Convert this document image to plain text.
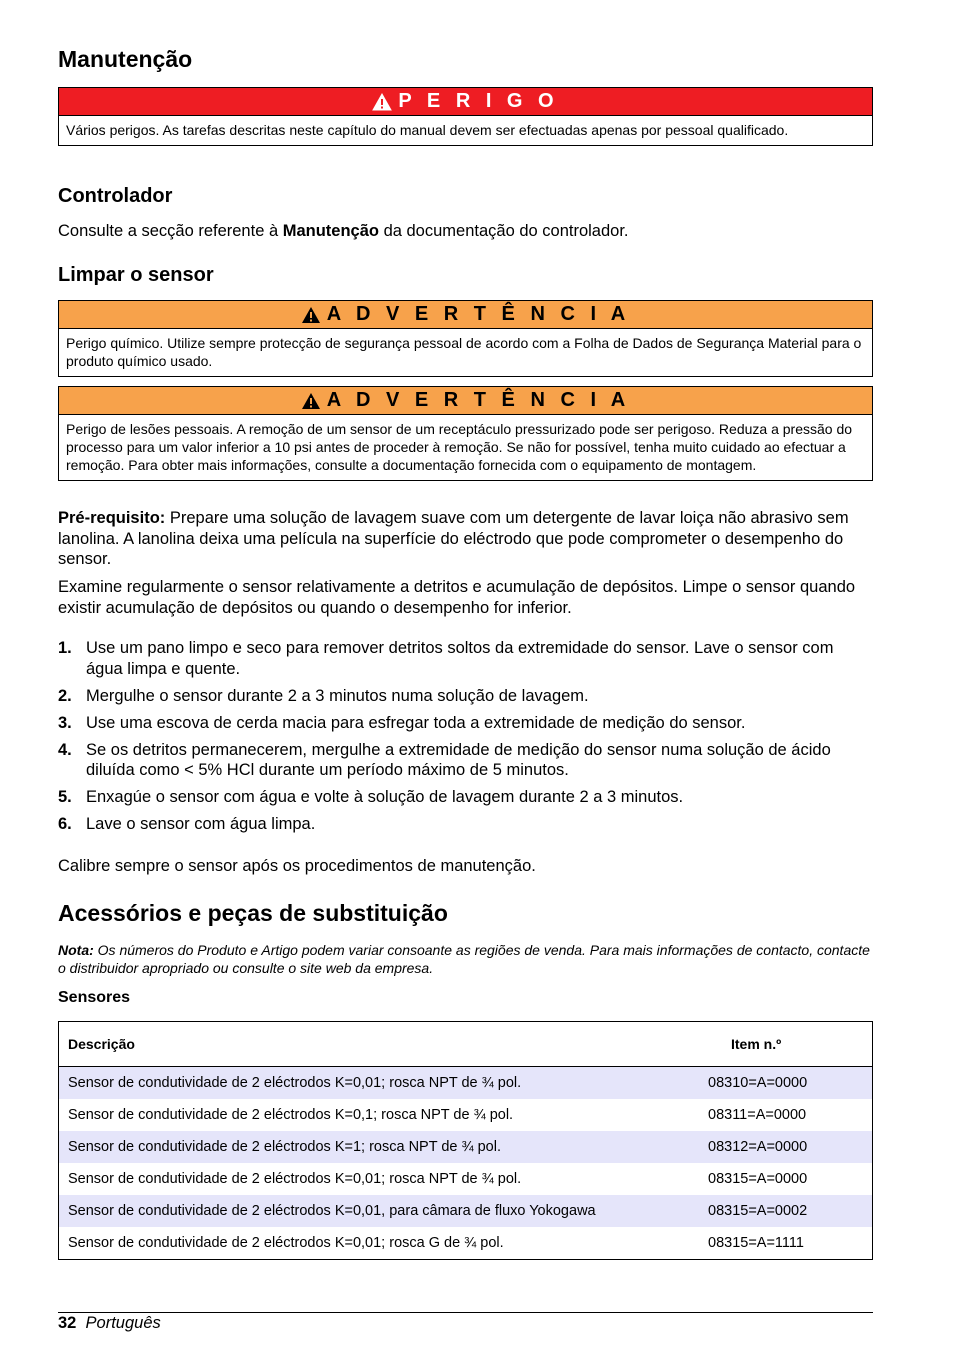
Manutenção
P E R I G O
Vários perigos. As tarefas descritas neste capítulo do manual devem ser efectuadas apenas por pessoal qualificado.
Controlador

Consulte a secção referente à Manutenção da documentação do controlador.

Limpar o sensor
A D V E R T Ê N C I A
Perigo químico. Utilize sempre protecção de segurança pessoal de acordo com a Folha de Dados de Segurança Material para o produto químico usado.
A D V E R T Ê N C I A
Perigo de lesões pessoais. A remoção de um sensor de um receptáculo pressurizado pode ser perigoso. Reduza a pressão do processo para um valor inferior a 10 psi antes de proceder à remoção. Se não for possível, tenha muito cuidado ao efectuar a remoção. Para obter mais informações, consulte a documentação fornecida com o equipamento de montagem.

Pré-requisito: Prepare uma solução de lavagem suave com um detergente de lavar loiça não abrasivo sem lanolina. A lanolina deixa uma película na superfície do eléctrodo que pode comprometer o desempenho do sensor.

Examine regularmente o sensor relativamente a detritos e acumulação de depósitos. Limpe o sensor quando existir acumulação de depósitos ou quando o desempenho for inferior.

1. Use um pano limpo e seco para remover detritos soltos da extremidade do sensor. Lave o sensor com água limpa e quente.
2. Mergulhe o sensor durante 2 a 3 minutos numa solução de lavagem.
3. Use uma escova de cerda macia para esfregar toda a extremidade de medição do sensor.
4. Se os detritos permanecerem, mergulhe a extremidade de medição do sensor numa solução de ácido diluída como < 5% HCl durante um período máximo de 5 minutos.
5. Enxagúe o sensor com água e volte à solução de lavagem durante 2 a 3 minutos.
6. Lave o sensor com água limpa.

Calibre sempre o sensor após os procedimentos de manutenção.

Acessórios e peças de substituição

Nota: Os números do Produto e Artigo podem variar consoante as regiões de venda. Para mais informações de contacto, contacte o distribuidor apropriado ou consulte o site web da empresa.

Sensores

Descrição	Item n.º
Sensor de condutividade de 2 eléctrodos K=0,01; rosca NPT de ¾ pol.	08310=A=0000
Sensor de condutividade de 2 eléctrodos K=0,1; rosca NPT de ¾ pol.	08311=A=0000
Sensor de condutividade de 2 eléctrodos K=1; rosca NPT de ¾ pol.	08312=A=0000
Sensor de condutividade de 2 eléctrodos K=0,01; rosca NPT de ¾ pol.	08315=A=0000
Sensor de condutividade de 2 eléctrodos K=0,01, para câmara de fluxo Yokogawa	08315=A=0002
Sensor de condutividade de 2 eléctrodos K=0,01; rosca G de ¾ pol.	08315=A=1111
32 Português
